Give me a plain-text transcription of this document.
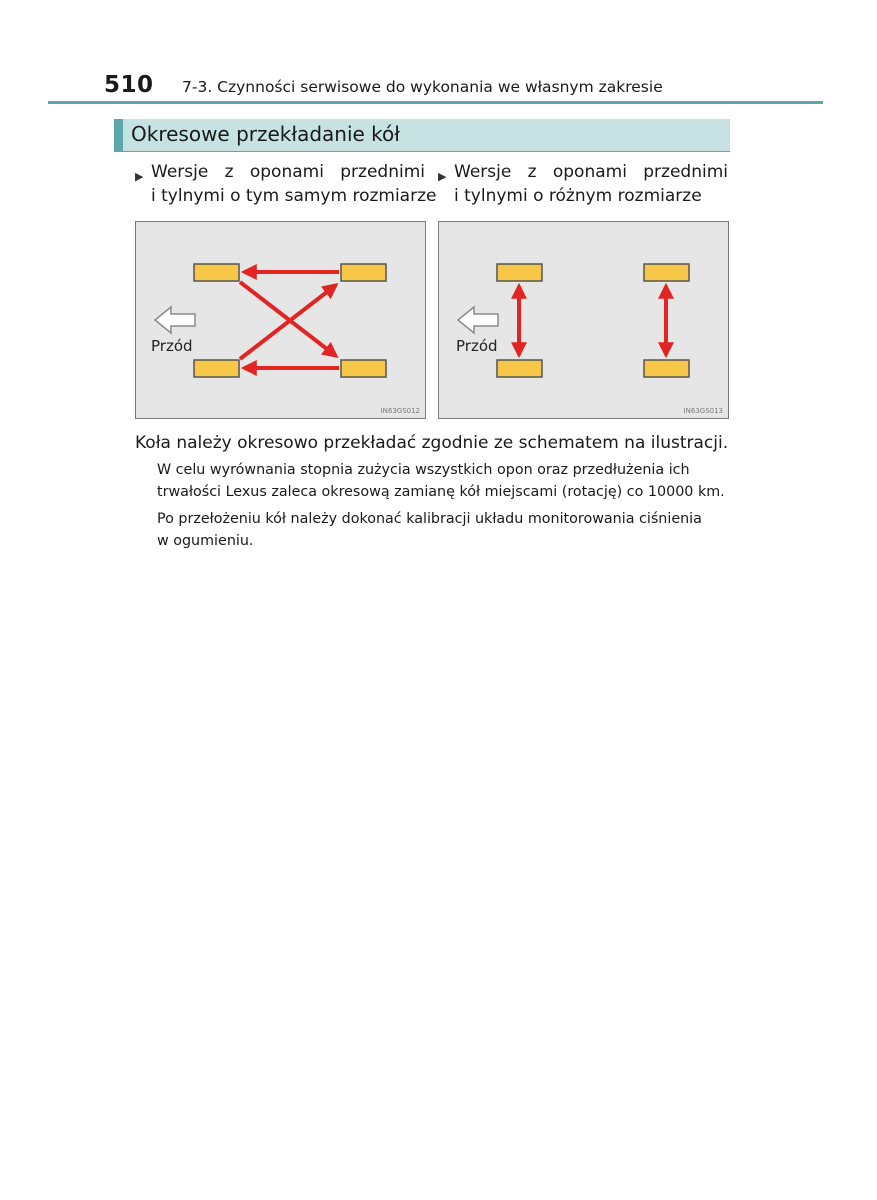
510 7-3. Czynności serwisowe do wykonania we własnym zakresie
Okresowe przekładanie kół
▶ Wersje z oponami przednimi
i tylnymi o tym samym rozmiarze
▶ Wersje z oponami przednimi
i tylnymi o różnym rozmiarze
Przód
IN63GS012
Przód
IN63GS013
Koła należy okresowo przekładać zgodnie ze schematem na ilustracji.
W celu wyrównania stopnia zużycia wszystkich opon oraz przedłużenia ich
trwałości Lexus zaleca okresową zamianę kół miejscami (rotację) co 10000 km.
Po przełożeniu kół należy dokonać kalibracji układu monitorowania ciśnienia
w ogumieniu.
